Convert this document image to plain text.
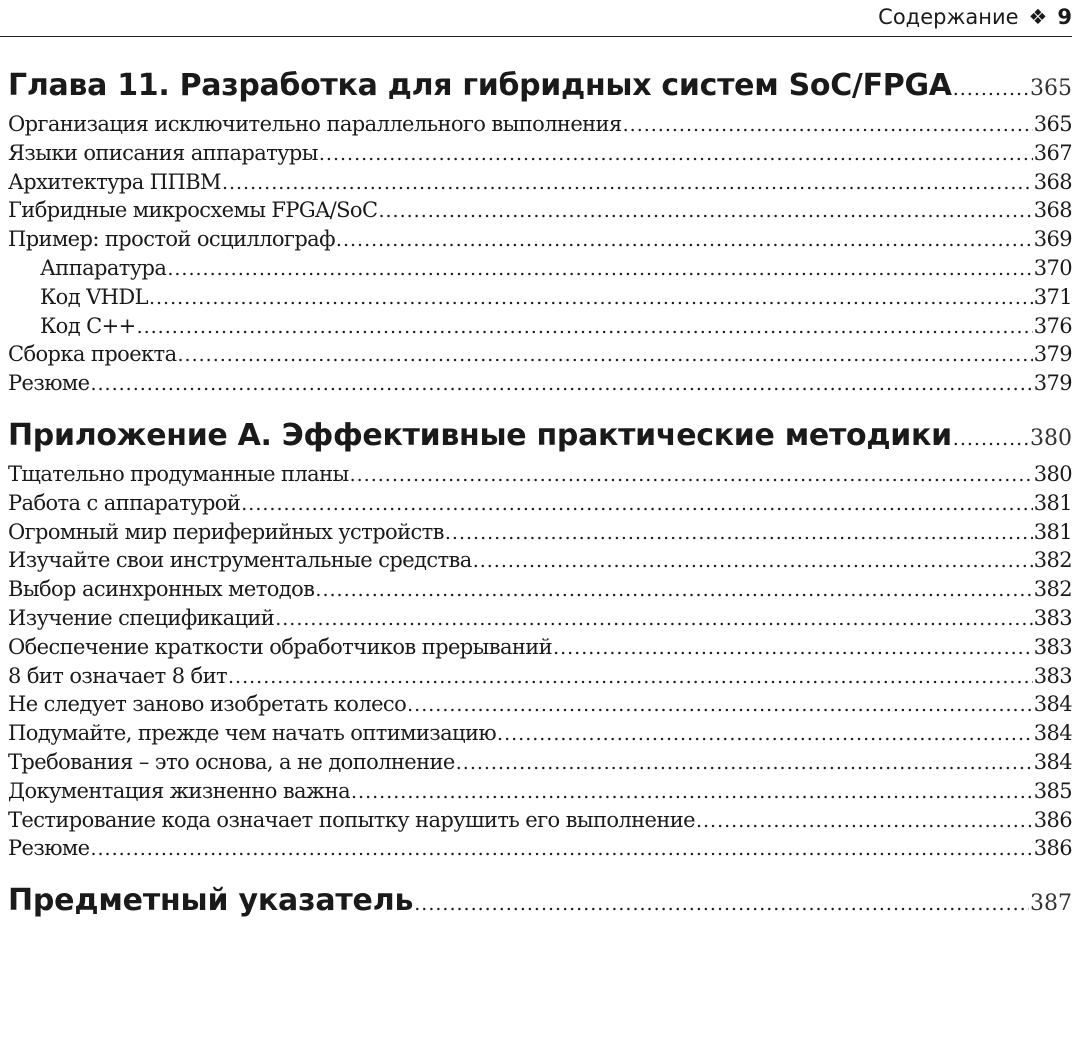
Содержание ❖ 9
Глава 11. Разработка для гибридных систем SoC/FPGA .....	365
Организация исключительно параллельного выполнения .....	365
Языки описания аппаратуры .....	367
Архитектура ППВМ .....	368
Гибридные микросхемы FPGA/SoC .....	368
Пример: простой осциллограф .....	369
Аппаратура .....	370
Код VHDL .....	371
Код C++ .....	376
Сборка проекта .....	379
Резюме .....	379
Приложение А. Эффективные практические методики .....	380
Тщательно продуманные планы .....	380
Работа с аппаратурой .....	381
Огромный мир периферийных устройств .....	381
Изучайте свои инструментальные средства .....	382
Выбор асинхронных методов .....	382
Изучение спецификаций .....	383
Обеспечение краткости обработчиков прерываний .....	383
8 бит означает 8 бит .....	383
Не следует заново изобретать колесо .....	384
Подумайте, прежде чем начать оптимизацию .....	384
Требования – это основа, а не дополнение .....	384
Документация жизненно важна .....	385
Тестирование кода означает попытку нарушить его выполнение .....	386
Резюме .....	386
Предметный указатель .....	387
